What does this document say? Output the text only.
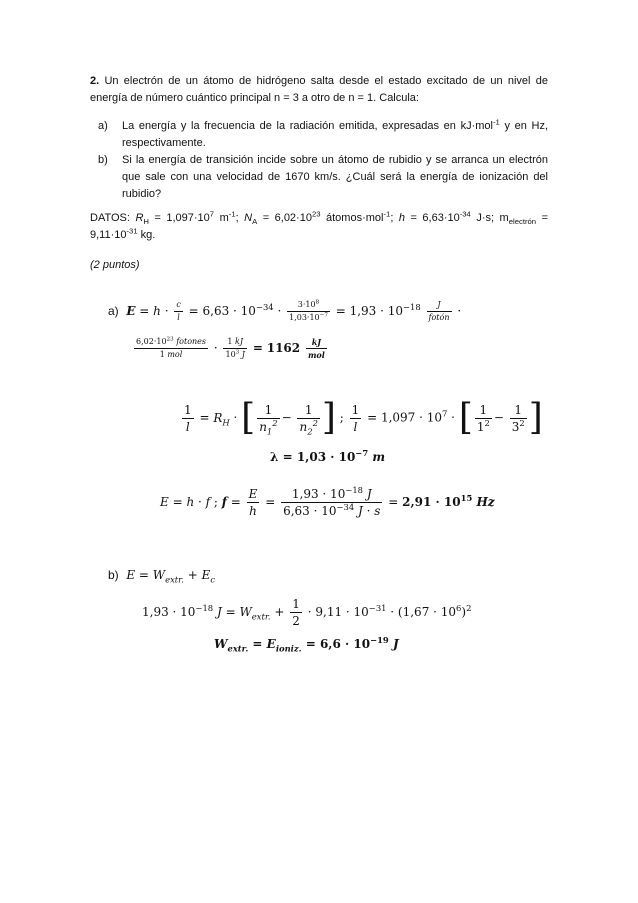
2. Un electrón de un átomo de hidrógeno salta desde el estado excitado de un nivel de energía de número cuántico principal n = 3 a otro de n = 1. Calcula:
a) La energía y la frecuencia de la radiación emitida, expresadas en kJ·mol$^{-1}$ y en Hz, respectivamente.
b) Si la energía de transición incide sobre un átomo de rubidio y se arranca un electrón que sale con una velocidad de 1670 km/s. ¿Cuál será la energía de ionización del rubidio?
DATOS: $R_H = 1,097\cdot 10^7$ $m^{-1}$; $N_A = 6,02\cdot 10^{23}$ átomos·mol$^{-1}$; $h = 6,63\cdot 10^{-34}$ J·s; $m_{electrón} = 9,11\cdot 10^{-31}$ kg.
(2 puntos)
a) $E = h \cdot \frac{c}{l} = 6,63 \cdot 10^{-34} \cdot \frac{3\cdot 10^8}{1,03\cdot 10^{-7}} = 1,93 \cdot 10^{-18} \frac{J}{\text{fotón}}$ ·
$\frac{6,02\cdot 10^{23} fotones}{\text{1 mol}} \cdot \frac{1 kJ}{10^3 J} = 1162 \frac{kJ}{\text{mol}}$
$\frac{1}{l} = R_H$ · [ $\frac{1}{n_1^2} - \frac{1}{n_2^2}$ ] ; $\frac{1}{l} = 1,097 \cdot 10^7$ · [ $\frac{1}{1^2} - \frac{1}{3^2}$ ]
$\lambda = 1,03 \cdot 10^{-7}$ m
E = h · f ; $f = \frac{E}{h} = \frac{1,93 \cdot 10^{-18} J}{6,63 \cdot 10^{-34} J \cdot s} = 2,91 \cdot 10^{15}$ Hz
b) $E = W_{extr.} + E_c$
$1,93 \cdot 10^{-18}$ $J = W_{extr.} + \frac{1}{2} \cdot 9,11 \cdot 10^{-31} \cdot (1,67 \cdot 10^6)^2$
$W_{extr.} = E_{ioniz.} = 6,6 \cdot 10^{-19}$ J
